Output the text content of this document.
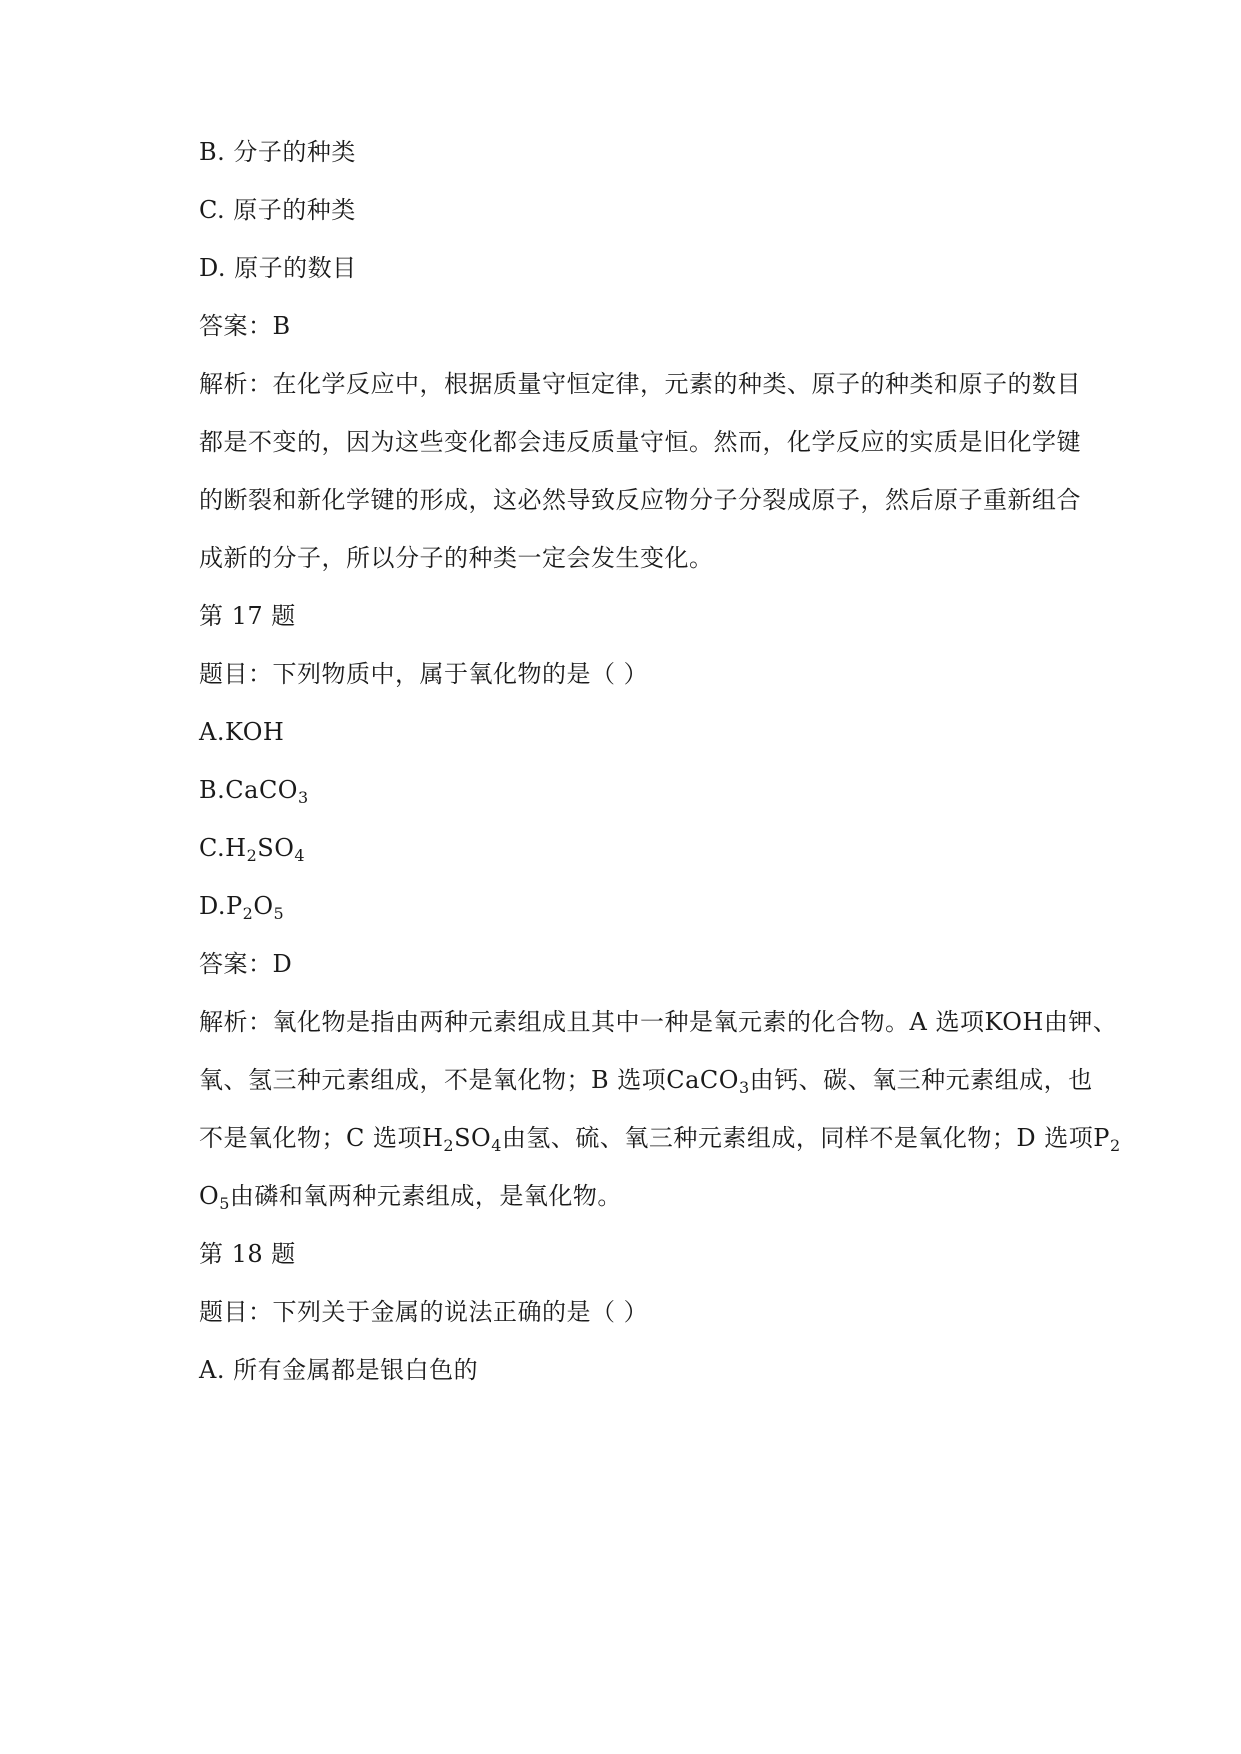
B. 分子的种类
C. 原子的种类
D. 原子的数目
答案：B
解析：在化学反应中，根据质量守恒定律，元素的种类、原子的种类和原子的数目
都是不变的，因为这些变化都会违反质量守恒。然而，化学反应的实质是旧化学键
的断裂和新化学键的形成，这必然导致反应物分子分裂成原子，然后原子重新组合
成新的分子，所以分子的种类一定会发生变化。
第 17 题
题目：下列物质中，属于氧化物的是（ ）
A.KOH
B.CaCO$_3$
$C.H_2SO_4$
$D.P_2O_5$
答案：D
解析：氧化物是指由两种元素组成且其中一种是氧元素的化合物。A 选项KOH由钾、
氧、氢三种元素组成，不是氧化物；B 选项CaCO$_3$由钙、碳、氧三种元素组成，也
不是氧化物；C 选项$H_2SO_4$由氢、硫、氧三种元素组成，同样不是氧化物；D 选项$P_2$
$O_5$由磷和氧两种元素组成，是氧化物。
第 18 题
题目：下列关于金属的说法正确的是（ ）
A. 所有金属都是银白色的
